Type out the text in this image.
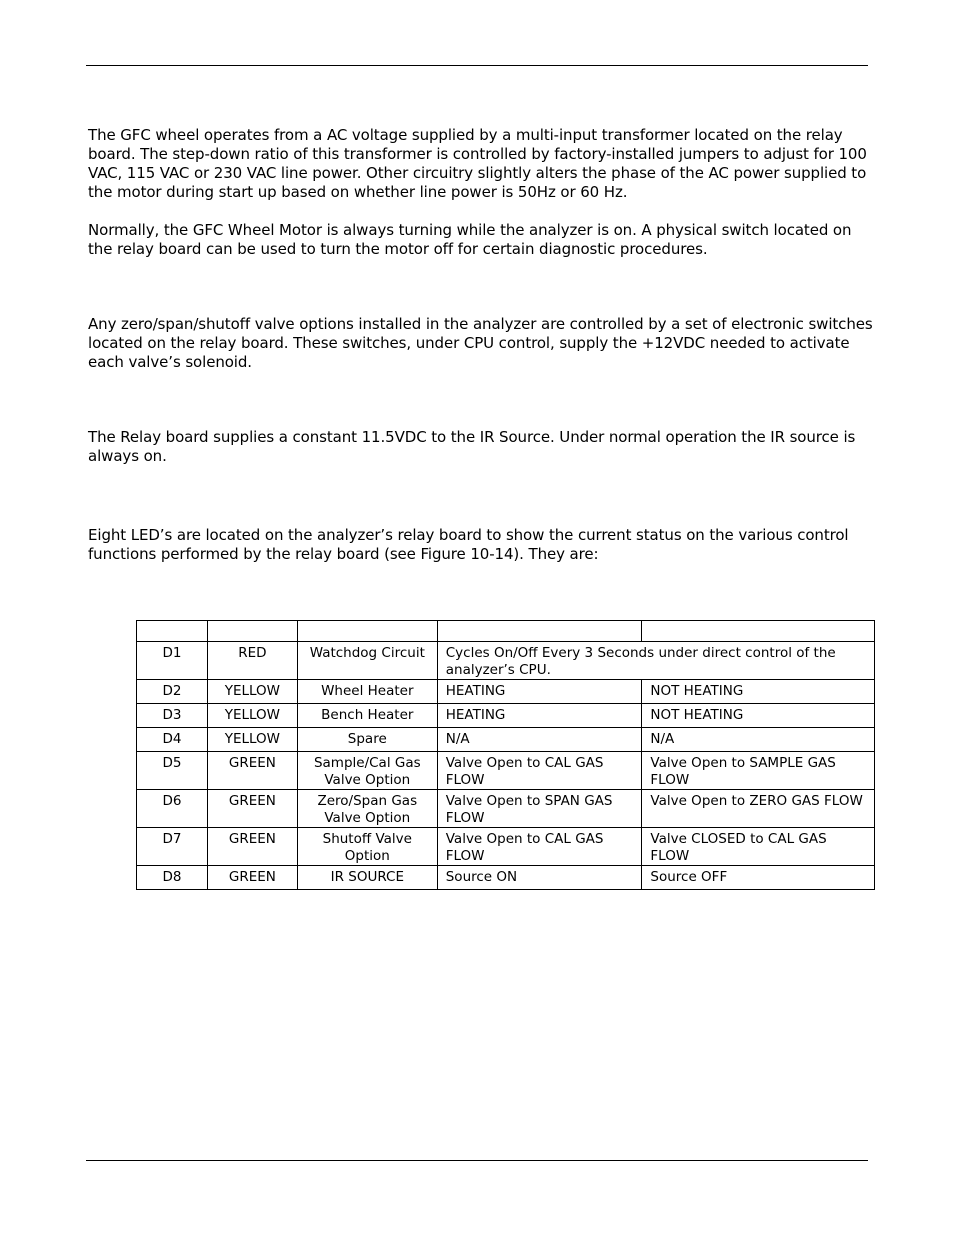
The GFC wheel operates from a AC voltage supplied by a multi-input transformer located on the relay board. The step-down ratio of this transformer is controlled by factory-installed jumpers to adjust for 100 VAC, 115 VAC or 230 VAC line power. Other circuitry slightly alters the phase of the AC power supplied to the motor during start up based on whether line power is 50Hz or 60 Hz.

Normally, the GFC Wheel Motor is always turning while the analyzer is on. A physical switch located on the relay board can be used to turn the motor off for certain diagnostic procedures.

Any zero/span/shutoff valve options installed in the analyzer are controlled by a set of electronic switches located on the relay board. These switches, under CPU control, supply the +12VDC needed to activate each valve’s solenoid.

The Relay board supplies a constant 11.5VDC to the IR Source. Under normal operation the IR source is always on.

Eight LED’s are located on the analyzer’s relay board to show the current status on the various control functions performed by the relay board (see Figure 10-14). They are:

D1	RED	Watchdog Circuit	Cycles On/Off Every 3 Seconds under direct control of the analyzer’s CPU.	
D2	YELLOW	Wheel Heater	HEATING	NOT HEATING
D3	YELLOW	Bench Heater	HEATING	NOT HEATING
D4	YELLOW	Spare	N/A	N/A
D5	GREEN	Sample/Cal Gas Valve Option	Valve Open to CAL GAS FLOW	Valve Open to SAMPLE GAS FLOW
D6	GREEN	Zero/Span Gas Valve Option	Valve Open to SPAN GAS FLOW	Valve Open to ZERO GAS FLOW
D7	GREEN	Shutoff Valve Option	Valve Open to CAL GAS FLOW	Valve CLOSED to CAL GAS FLOW
D8	GREEN	IR SOURCE	Source ON	Source OFF
